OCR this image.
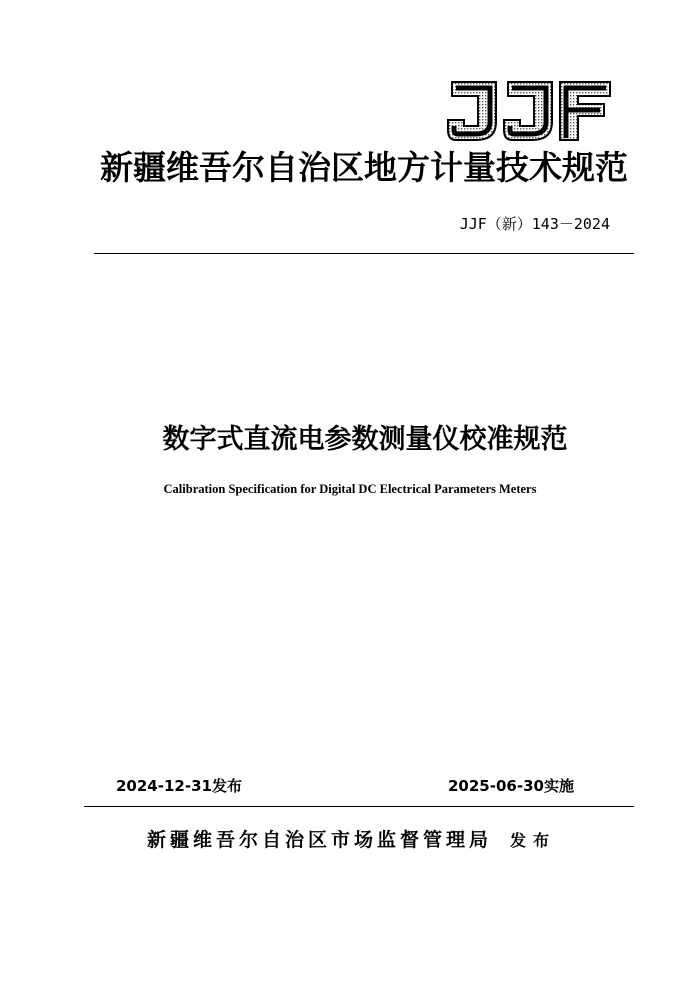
新疆维吾尔自治区地方计量技术规范
JJF（新）143－2024
数字式直流电参数测量仪校准规范
Calibration Specification for Digital DC Electrical Parameters Meters
2024-12-31发布	2025-06-30实施
新疆维吾尔自治区市场监督管理局 发布
